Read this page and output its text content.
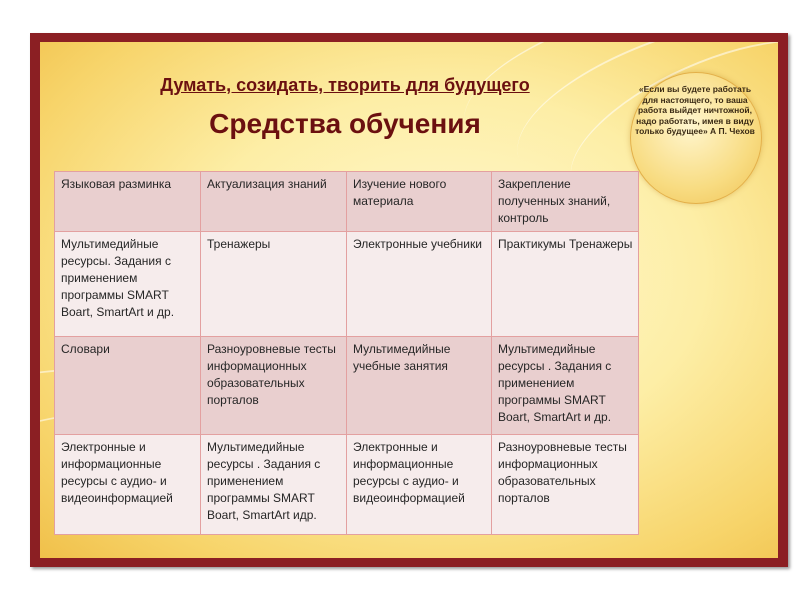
Думать, созидать, творить для будущего
Средства обучения
«Если вы будете работать для настоящего, то ваша работа выйдет ничтожной, надо работать, имея в виду только будущее» А П. Чехов
Языковая разминка	Актуализация знаний	Изучение нового материала	Закрепление полученных знаний, контроль
Мультимедийные ресурсы. Задания с применением программы SMART Boart, SmartArt и др.	Тренажеры	Электронные учебники	Практикумы Тренажеры
Словари	Разноуровневые тесты информационных образовательных порталов	Мультимедийные учебные занятия	Мультимедийные ресурсы . Задания с применением программы SMART Boart, SmartArt и др.
Электронные и информационные ресурсы с аудио- и видеоинформацией	Мультимедийные ресурсы . Задания с применением программы SMART Boart, SmartArt идр.	Электронные и информационные ресурсы с аудио- и видеоинформацией	Разноуровневые тесты информационных образовательных порталов
